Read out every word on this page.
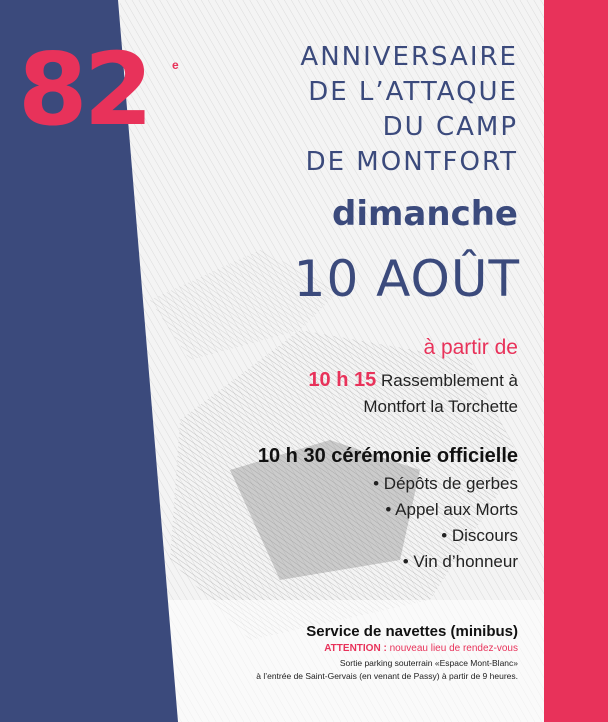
82 e	ANNIVERSAIRE
DE L’ATTAQUE
DU CAMP
DE MONTFORT
dimanche
10 AOÛT
à partir de
10 h 15 Rassemblement à
Montfort la Torchette
10 h 30 cérémonie officielle
• Dépôts de gerbes
• Appel aux Morts
• Discours
• Vin d’honneur
Service de navettes (minibus)
ATTENTION : nouveau lieu de rendez-vous
Sortie parking souterrain «Espace Mont-Blanc»
à l’entrée de Saint-Gervais (en venant de Passy) à partir de 9 heures.
